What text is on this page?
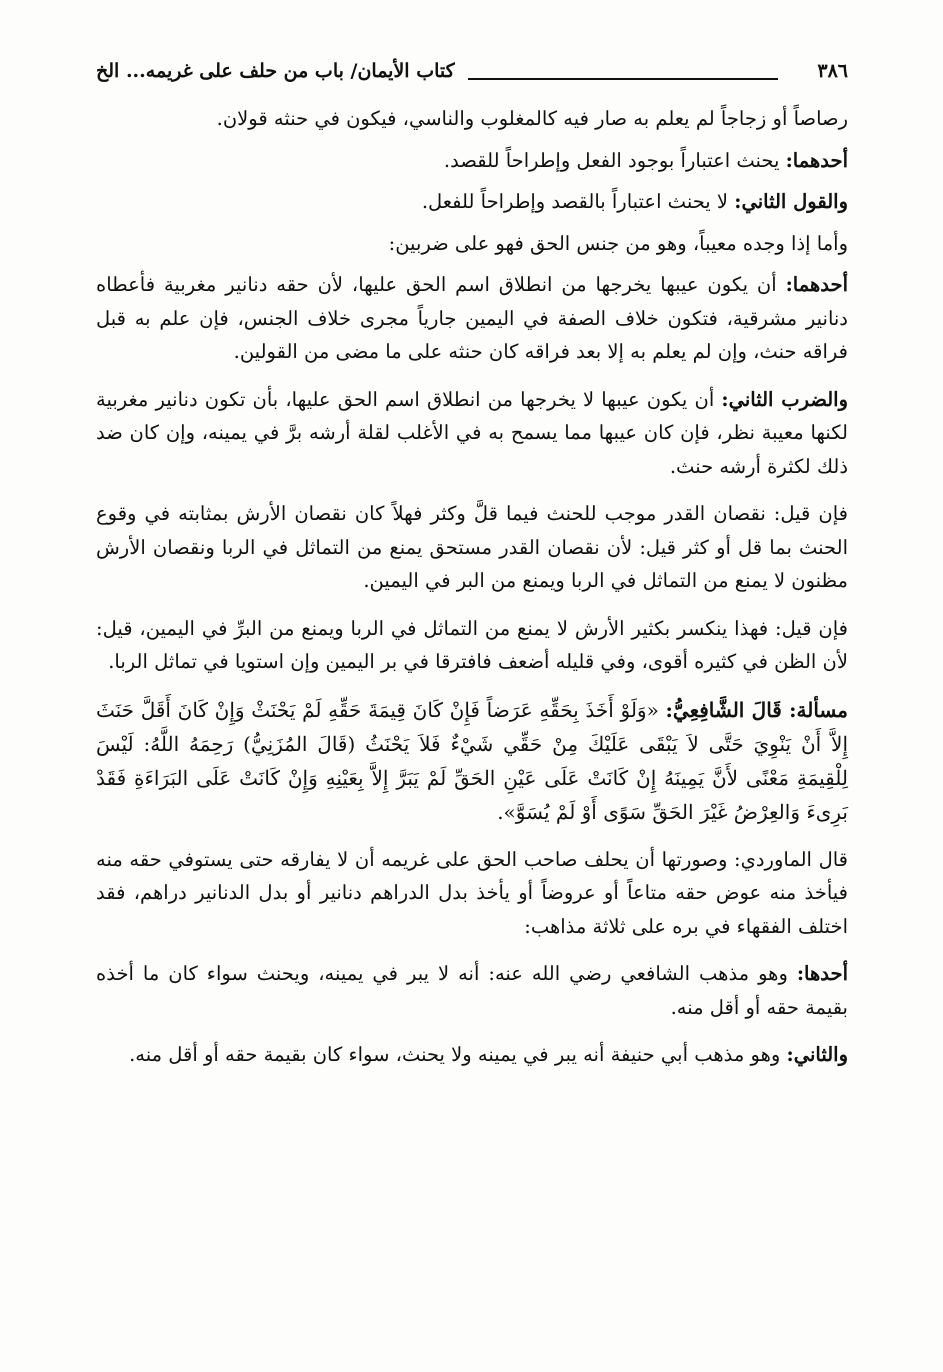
٣٨٦
كتاب الأيمان/ باب من حلف على غريمه... الخ

رصاصاً أو زجاجاً لم يعلم به صار فيه كالمغلوب والناسي، فيكون في حنثه قولان.

أحدهما: يحنث اعتباراً بوجود الفعل وإطراحاً للقصد.

والقول الثاني: لا يحنث اعتباراً بالقصد وإطراحاً للفعل.

وأما إذا وجده معيباً، وهو من جنس الحق فهو على ضربين:

أحدهما: أن يكون عيبها يخرجها من انطلاق اسم الحق عليها، لأن حقه دنانير مغربية فأعطاه دنانير مشرقية، فتكون خلاف الصفة في اليمين جارياً مجرى خلاف الجنس، فإن علم به قبل فراقه حنث، وإن لم يعلم به إلا بعد فراقه كان حنثه على ما مضى من القولين.

والضرب الثاني: أن يكون عيبها لا يخرجها من انطلاق اسم الحق عليها، بأن تكون دنانير مغربية لكنها معيبة نظر، فإن كان عيبها مما يسمح به في الأغلب لقلة أرشه برَّ في يمينه، وإن كان ضد ذلك لكثرة أرشه حنث.

فإن قيل: نقصان القدر موجب للحنث فيما قلَّ وكثر فهلاً كان نقصان الأرش بمثابته في وقوع الحنث بما قل أو كثر قيل: لأن نقصان القدر مستحق يمنع من التماثل في الربا ونقصان الأرش مظنون لا يمنع من التماثل في الربا ويمنع من البر في اليمين.

فإن قيل: فهذا ينكسر بكثير الأرش لا يمنع من التماثل في الربا ويمنع من البرِّ في اليمين، قيل: لأن الظن في كثيره أقوى، وفي قليله أضعف فافترقا في بر اليمين وإن استويا في تماثل الربا.

مسألة: قَالَ الشَّافِعِيُّ: «وَلَوْ أَخَذَ بِحَقِّهِ عَرَضاً فَإِنْ كَانَ قِيمَةَ حَقِّهِ لَمْ يَحْنَثْ وَإِنْ كَانَ أَقَلَّ حَنَثَ إِلاَّ أَنْ يَنْوِيَ حَتَّى لاَ يَبْقَى عَلَيْكَ مِنْ حَقِّي شَيْءٌ فَلاَ يَحْنَثُ (قَالَ المُزَنِيُّ) رَحِمَهُ اللَّهُ: لَيْسَ لِلْقِيمَةِ مَعْنًى لأَنَّ يَمِينَهُ إِنْ كَانَتْ عَلَى عَيْنِ الحَقِّ لَمْ يَبَرَّ إِلاَّ بِعَيْنِهِ وَإِنْ كَانَتْ عَلَى البَرَاءَةِ فَقَدْ بَرِىءَ وَالعِرْضُ غَيْرَ الحَقِّ سَوًى أَوْ لَمْ يُسَوَّ».

قال الماوردي: وصورتها أن يحلف صاحب الحق على غريمه أن لا يفارقه حتى يستوفي حقه منه فيأخذ منه عوض حقه متاعاً أو عروضاً أو يأخذ بدل الدراهم دنانير أو بدل الدنانير دراهم، فقد اختلف الفقهاء في بره على ثلاثة مذاهب:

أحدها: وهو مذهب الشافعي رضي الله عنه: أنه لا يبر في يمينه، ويحنث سواء كان ما أخذه بقيمة حقه أو أقل منه.

والثاني: وهو مذهب أبي حنيفة أنه يبر في يمينه ولا يحنث، سواء كان بقيمة حقه أو أقل منه.
